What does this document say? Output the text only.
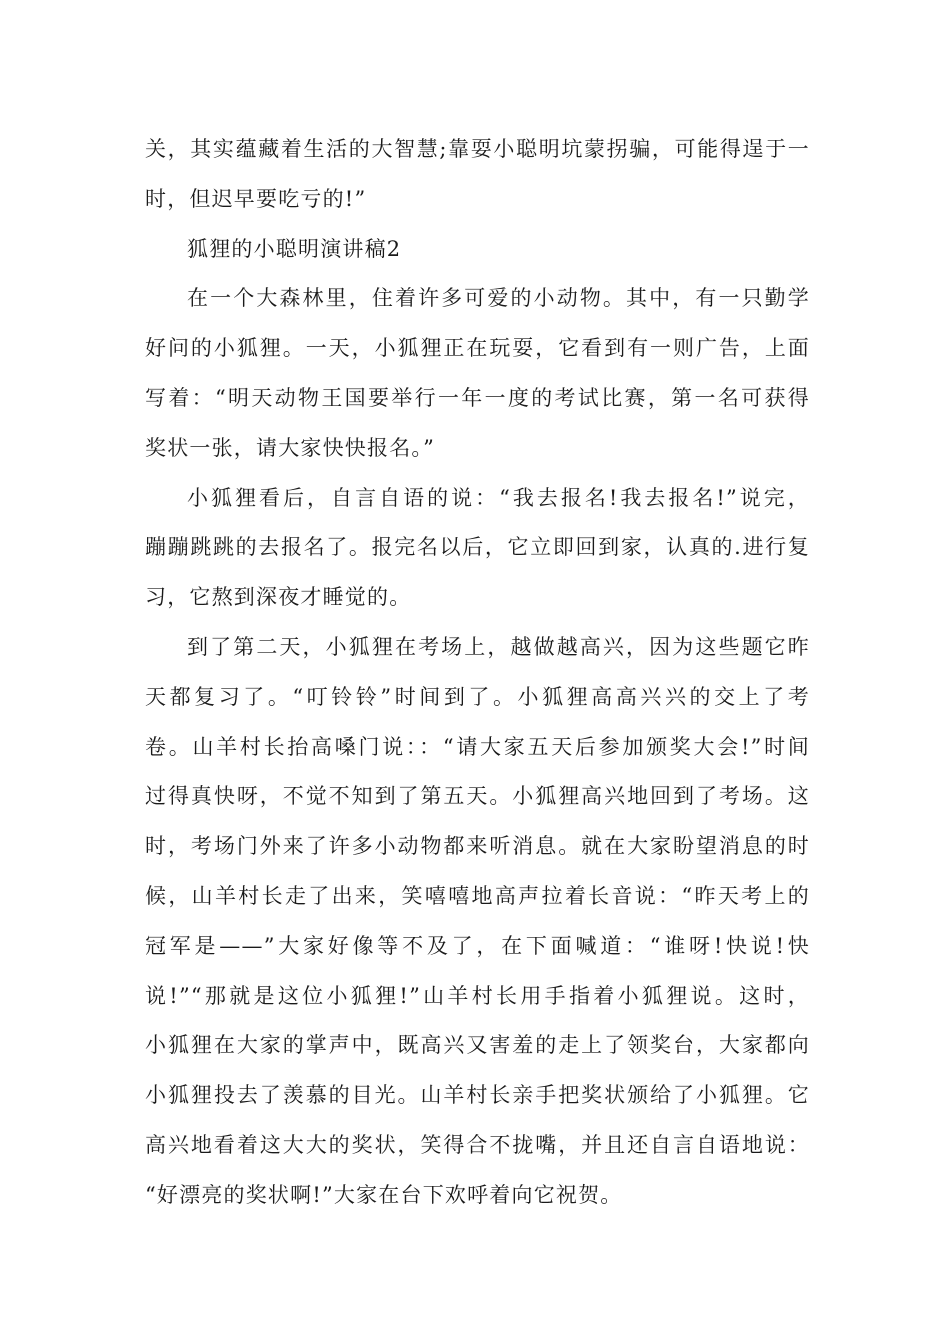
关，其实蕴藏着生活的大智慧;靠耍小聪明坑蒙拐骗，可能得逞于一
时，但迟早要吃亏的!”
狐狸的小聪明演讲稿2
在一个大森林里，住着许多可爱的小动物。其中，有一只勤学
好问的小狐狸。一天，小狐狸正在玩耍，它看到有一则广告，上面
写着：“明天动物王国要举行一年一度的考试比赛，第一名可获得
奖状一张，请大家快快报名。”
小狐狸看后，自言自语的说：“我去报名!我去报名!”说完，
蹦蹦跳跳的去报名了。报完名以后，它立即回到家，认真的.进行复
习，它熬到深夜才睡觉的。
到了第二天，小狐狸在考场上，越做越高兴，因为这些题它昨
天都复习了。“叮铃铃”时间到了。小狐狸高高兴兴的交上了考
卷。山羊村长抬高嗓门说：：“请大家五天后参加颁奖大会!”时间
过得真快呀，不觉不知到了第五天。小狐狸高兴地回到了考场。这
时，考场门外来了许多小动物都来听消息。就在大家盼望消息的时
候，山羊村长走了出来，笑嘻嘻地高声拉着长音说：“昨天考上的
冠军是——”大家好像等不及了，在下面喊道：“谁呀!快说!快
说!”“那就是这位小狐狸!”山羊村长用手指着小狐狸说。这时，
小狐狸在大家的掌声中，既高兴又害羞的走上了领奖台，大家都向
小狐狸投去了羡慕的目光。山羊村长亲手把奖状颁给了小狐狸。它
高兴地看着这大大的奖状，笑得合不拢嘴，并且还自言自语地说：
“好漂亮的奖状啊!”大家在台下欢呼着向它祝贺。
